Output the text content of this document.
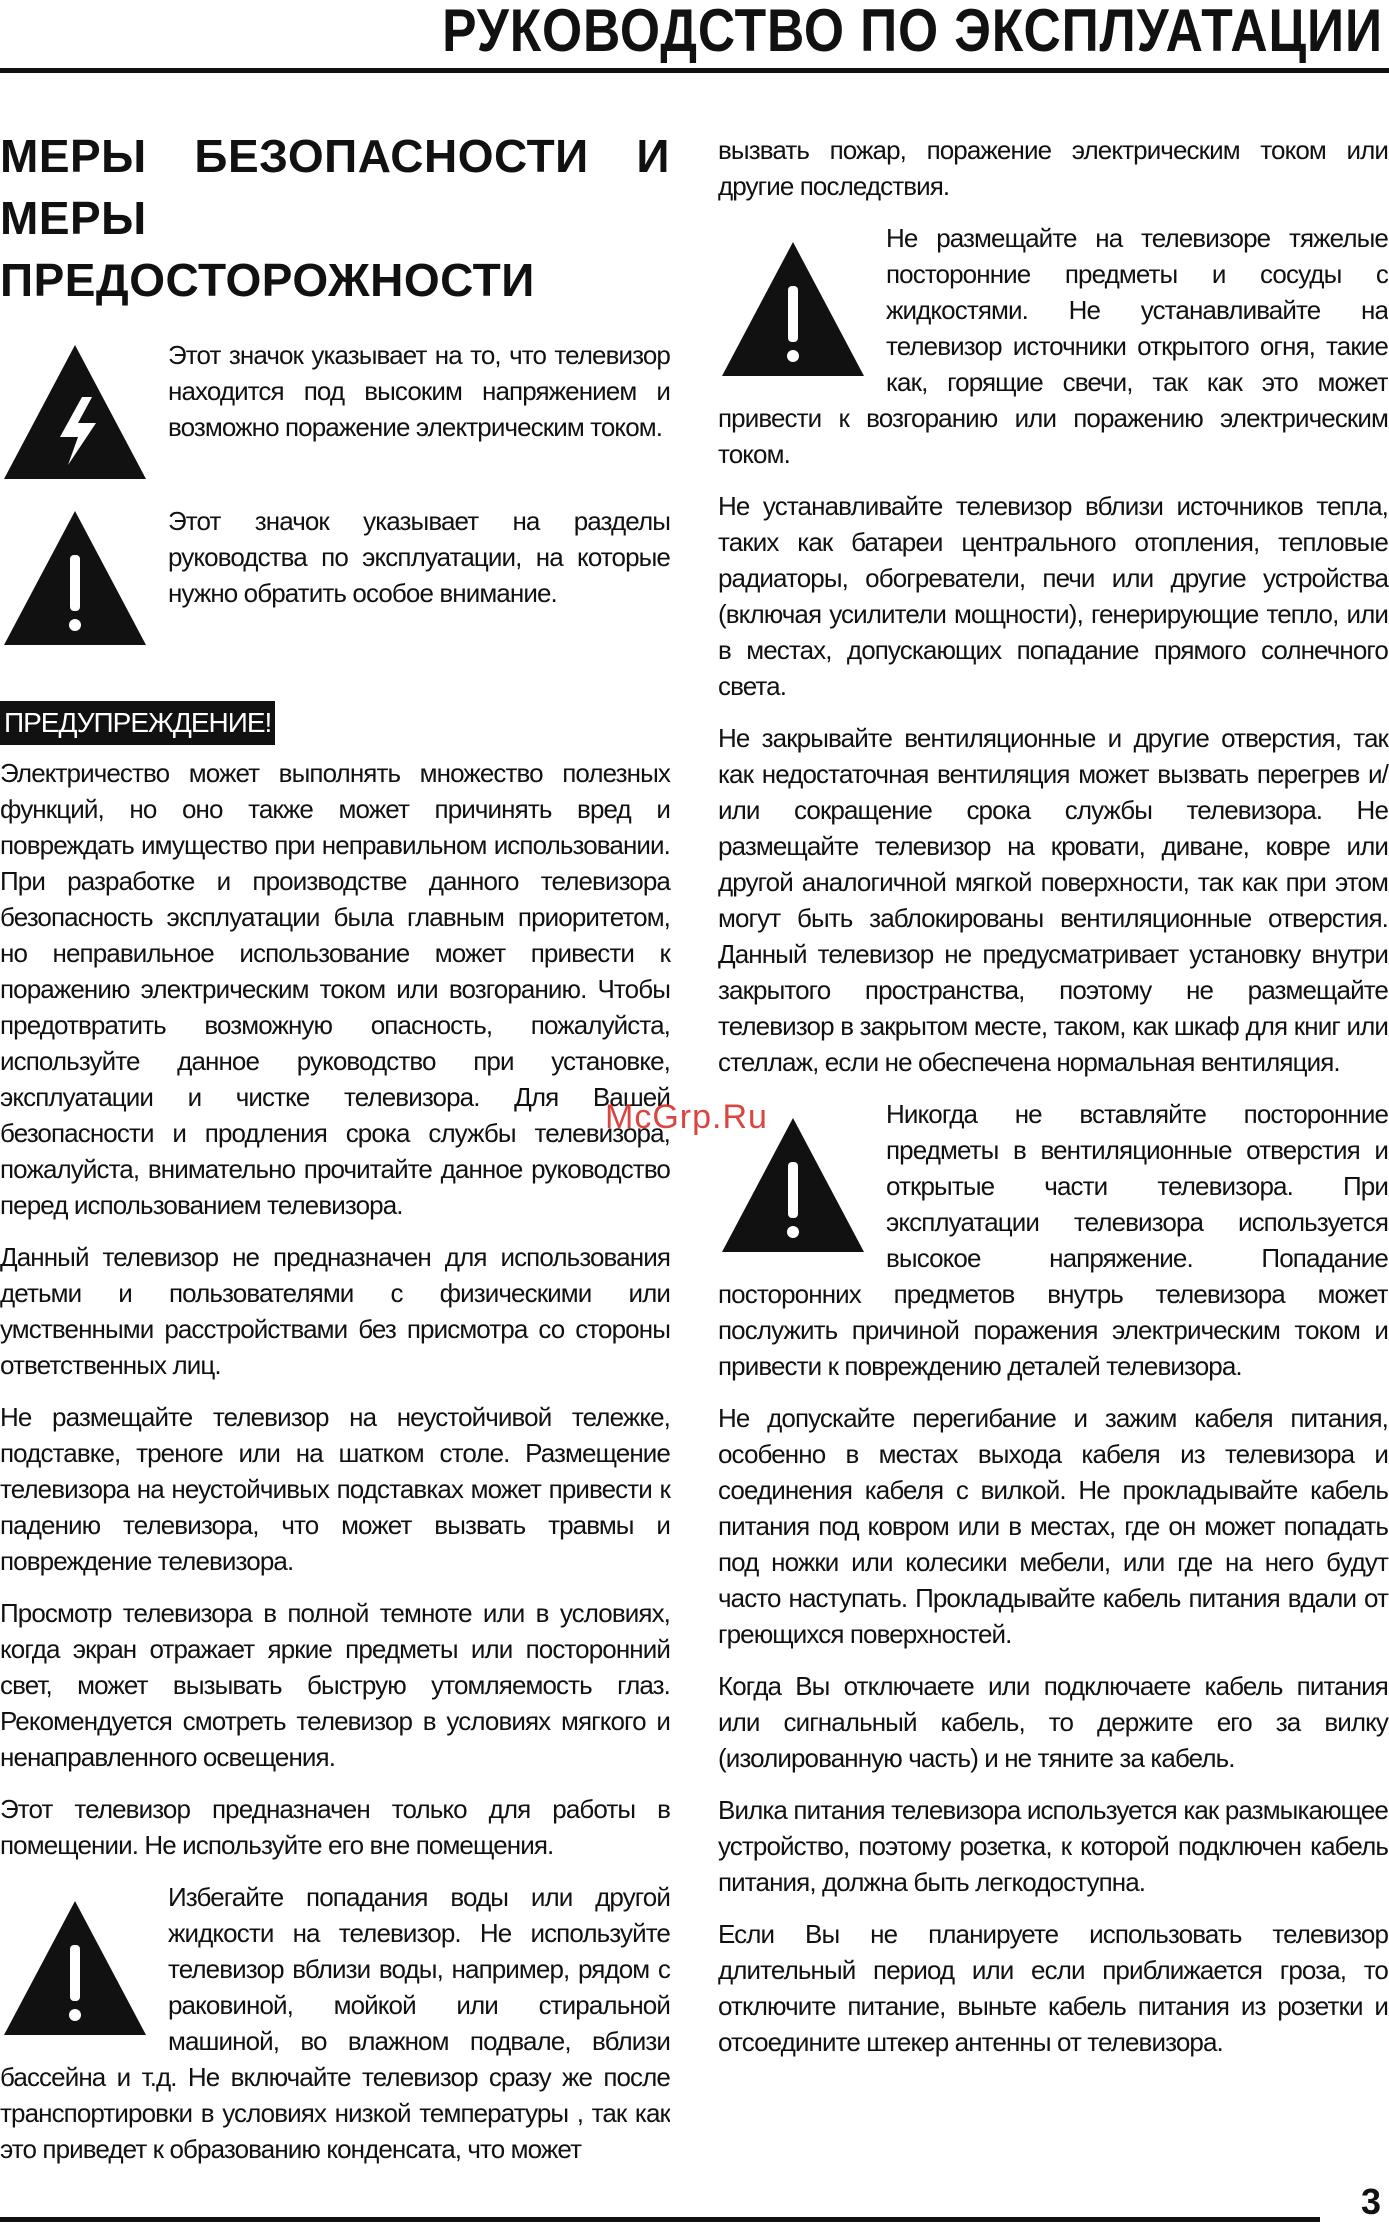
РУКОВОДСТВО ПО ЭКСПЛУАТАЦИИ
МЕРЫ БЕЗОПАСНОСТИ И МЕРЫ ПРЕДОСТОРОЖНОСТИ

Этот значок указывает на то, что телевизор находится под высоким напряжением и возможно поражение электрическим током.

Этот значок указывает на разделы руководства по эксплуатации, на которые нужно обратить особое внимание.

ПРЕДУПРЕЖДЕНИЕ!

Электричество может выполнять множество полезных функций, но оно также может причинять вред и повреждать имущество при неправильном использовании. При разработке и производстве данного телевизора безопасность эксплуатации была главным приоритетом, но неправильное использование может привести к поражению электрическим током или возгоранию. Чтобы предотвратить возможную опасность, пожалуйста, используйте данное руководство при установке, эксплуатации и чистке телевизора. Для Вашей безопасности и продления срока службы телевизора, пожалуйста, внимательно прочитайте данное руководство перед использованием телевизора.

Данный телевизор не предназначен для использования детьми и пользователями с физическими или умственными расстройствами без присмотра со стороны ответственных лиц.

Не размещайте телевизор на неустойчивой тележке, подставке, треноге или на шатком столе. Размещение телевизора на неустойчивых подставках может привести к падению телевизора, что может вызвать травмы и повреждение телевизора.

Просмотр телевизора в полной темноте или в условиях, когда экран отражает яркие предметы или посторонний свет, может вызывать быструю утомляемость глаз. Рекомендуется смотреть телевизор в условиях мягкого и ненаправленного освещения.

Этот телевизор предназначен только для работы в помещении. Не используйте его вне помещения.

Избегайте попадания воды или другой жидкости на телевизор. Не используйте телевизор вблизи воды, например, рядом с раковиной, мойкой или стиральной машиной, во влажном подвале, вблизи бассейна и т.д. Не включайте телевизор сразу же после транспортировки в условиях низкой температуры , так как это приведет к образованию конденсата, что может

вызвать пожар, поражение электрическим током или другие последствия.

Не размещайте на телевизоре тяжелые посторонние предметы и сосуды с жидкостями. Не устанавливайте на телевизор источники открытого огня, такие как, горящие свечи, так как это может привести к возгоранию или поражению электрическим током.

Не устанавливайте телевизор вблизи источников тепла, таких как батареи центрального отопления, тепловые радиаторы, обогреватели, печи или другие устройства (включая усилители мощности), генерирующие тепло, или в местах, допускающих попадание прямого солнечного света.

Не закрывайте вентиляционные и другие отверстия, так как недостаточная вентиляция может вызвать перегрев и/или сокращение срока службы телевизора. Не размещайте телевизор на кровати, диване, ковре или другой аналогичной мягкой поверхности, так как при этом могут быть заблокированы вентиляционные отверстия. Данный телевизор не предусматривает установку внутри закрытого пространства, поэтому не размещайте телевизор в закрытом месте, таком, как шкаф для книг или стеллаж, если не обеспечена нормальная вентиляция.

Никогда не вставляйте посторонние предметы в вентиляционные отверстия и открытые части телевизора. При эксплуатации телевизора используется высокое напряжение. Попадание посторонних предметов внутрь телевизора может послужить причиной поражения электрическим током и привести к повреждению деталей телевизора.

Не допускайте перегибание и зажим кабеля питания, особенно в местах выхода кабеля из телевизора и соединения кабеля с вилкой. Не прокладывайте кабель питания под ковром или в местах, где он может попадать под ножки или колесики мебели, или где на него будут часто наступать. Прокладывайте кабель питания вдали от греющихся поверхностей.

Когда Вы отключаете или подключаете кабель питания или сигнальный кабель, то держите его за вилку (изолированную часть) и не тяните за кабель.

Вилка питания телевизора используется как размыкающее устройство, поэтому розетка, к которой подключен кабель питания, должна быть легкодоступна.

Если Вы не планируете использовать телевизор длительный период или если приближается гроза, то отключите питание, выньте кабель питания из розетки и отсоедините штекер антенны от телевизора.

McGrp.Ru
3
